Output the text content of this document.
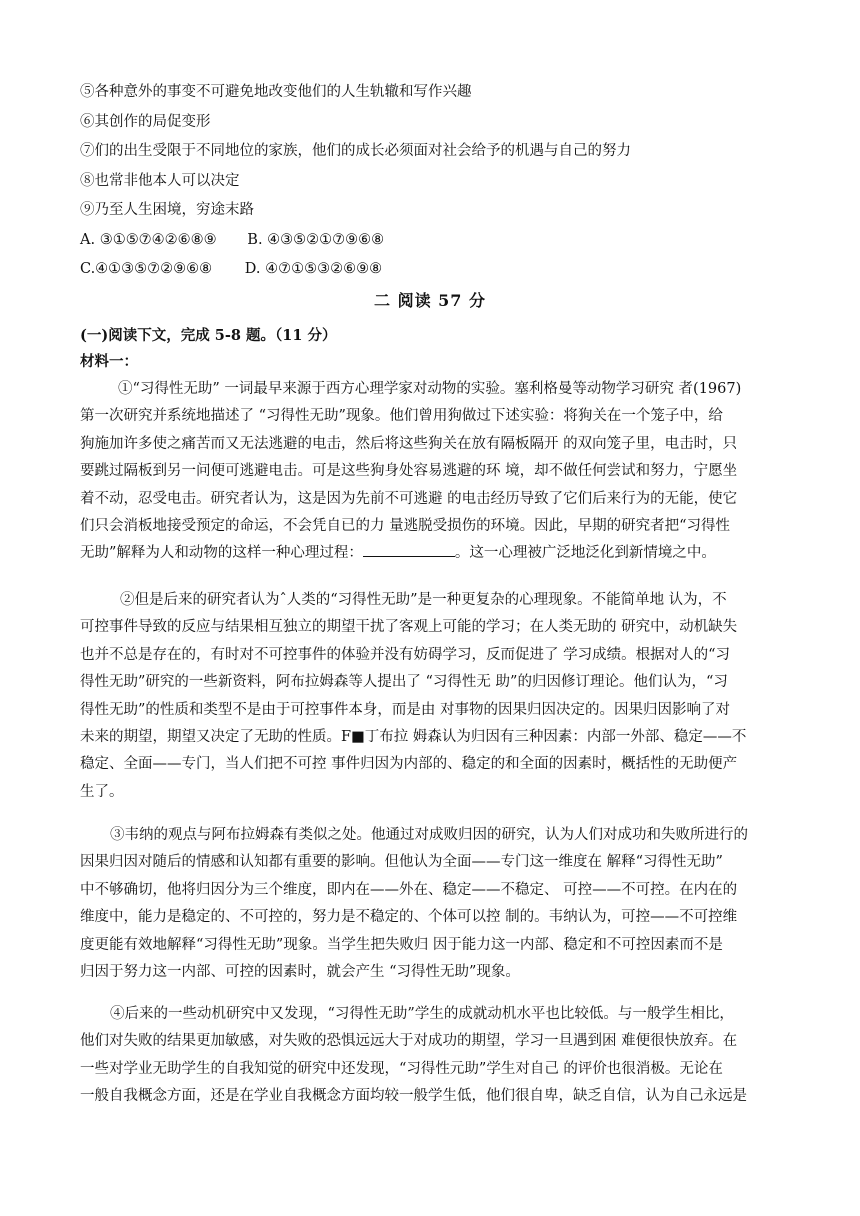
⑤各种意外的事变不可避免地改变他们的人生轨辙和写作兴趣
⑥其创作的局促变形
⑦们的出生受限于不同地位的家族，他们的成长必须面对社会给予的机遇与自己的努力
⑧也常非他本人可以决定
⑨乃至人生困境，穷途末路
A. ③①⑤⑦④②⑥⑧⑨ B. ④③⑤②①⑦⑨⑥⑧
C.④①③⑤⑦②⑨⑥⑧ D. ④⑦①⑤③②⑥⑨⑧
二 阅读 57 分
(一)阅读下文，完成 5-8 题。（11 分）
材料一：
①“习得性无助” 一词最早来源于西方心理学家对动物的实验。塞利格曼等动物学习研究 者(1967)
第一次研究并系统地描述了 “习得性无助”现象。他们曾用狗做过下述实验：将狗关在一个笼子中，给
狗施加许多使之痛苦而又无法逃避的电击，然后将这些狗关在放有隔板隔开 的双向笼子里，电击时，只
要跳过隔板到另一问便可逃避电击。可是这些狗身处容易逃避的环 境，却不做任何尝试和努力，宁愿坐
着不动，忍受电击。研究者认为，这是因为先前不可逃避 的电击经历导致了它们后来行为的无能，使它
们只会消板地接受预定的命运，不会凭自已的力 量逃脱受损伤的环境。因此，早期的研究者把“习得性
无助”解释为人和动物的这样一种心理过程：	。这一心理被广泛地泛化到新情境之中。
②但是后来的研究者认为ˆ人类的“习得性无助”是一种更复杂的心理现象。不能简单地 认为，不
可控事件导致的反应与结果相互独立的期望干扰了客观上可能的学习；在人类无助的 研究中，动机缺失
也并不总是存在的，有时对不可控事件的体验并没有妨碍学习，反而促进了 学习成绩。根据对人的“习
得性无助”研究的一些新资料，阿布拉姆森等人提出了 “习得性无 助”的归因修订理论。他们认为，“习
得性无助”的性质和类型不是由于可控事件本身，而是由 对事物的因果归因决定的。因果归因影响了对
未来的期望，期望又决定了无助的性质。F■丁布拉 姆森认为归因有三种因素：内部一外部、稳定——不
稳定、全面——专门，当人们把不可控 事件归因为内部的、稳定的和全面的因素时，概括性的无助便产
生了。
③韦纳的观点与阿布拉姆森有类似之处。他通过对成败归因的研究，认为人们对成功和失败所进行的
因果归因对随后的情感和认知都有重要的影响。但他认为全面——专门这一维度在 解释“习得性无助”
中不够确切，他将归因分为三个维度，即内在——外在、稳定——不稳定、 可控——不可控。在内在的
维度中，能力是稳定的、不可控的，努力是不稳定的、个体可以控 制的。韦纳认为，可控——不可控维
度更能有效地解释“习得性无助”现象。当学生把失败归 因于能力这一内部、稳定和不可控因素而不是
归因于努力这一内部、可控的因素时，就会产生 “习得性无助”现象。
④后来的一些动机研究中又发现，“习得性无助”学生的成就动机水平也比较低。与一般学生相比，
他们对失败的结果更加敏感，对失败的恐惧远远大于对成功的期望，学习一旦遇到困 难便很快放弃。在
一些对学业无助学生的自我知觉的研究中还发现，“习得性元助”学生对自己 的评价也很消极。无论在
一般自我概念方面，还是在学业自我概念方面均较一般学生低，他们很自卑，缺乏自信，认为自己永远是
